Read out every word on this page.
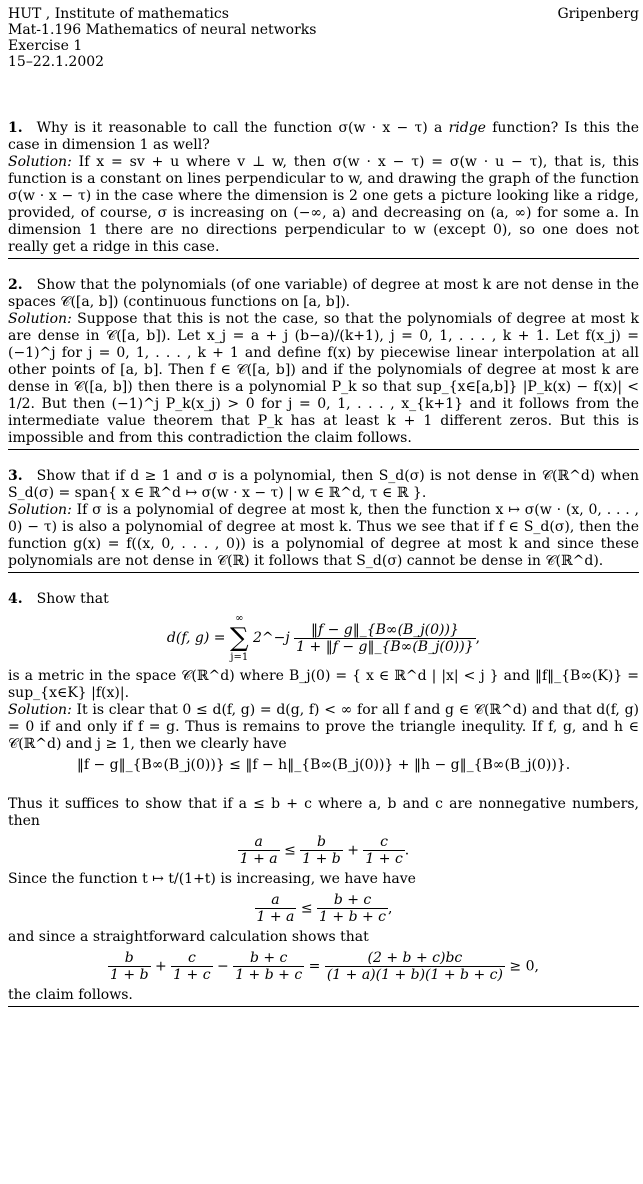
HUT , Institute of mathematics	Gripenberg
Mat-1.196 Mathematics of neural networks
Exercise 1
15–22.1.2002

1. Why is it reasonable to call the function σ(w · x − τ) a ridge function? Is this the case in dimension 1 as well?

Solution: If x = sv + u where v ⊥ w, then σ(w · x − τ) = σ(w · u − τ), that is, this function is a constant on lines perpendicular to w, and drawing the graph of the function σ(w · x − τ) in the case where the dimension is 2 one gets a picture looking like a ridge, provided, of course, σ is increasing on (−∞, a) and decreasing on (a, ∞) for some a. In dimension 1 there are no directions perpendicular to w (except 0), so one does not really get a ridge in this case.

2. Show that the polynomials (of one variable) of degree at most k are not dense in the spaces 𝒞([a, b]) (continuous functions on [a, b]).

Solution: Suppose that this is not the case, so that the polynomials of degree at most k are dense in 𝒞([a, b]). Let x_j = a + j (b−a)/(k+1), j = 0, 1, . . . , k + 1. Let f(x_j) = (−1)^j for j = 0, 1, . . . , k + 1 and define f(x) by piecewise linear interpolation at all other points of [a, b]. Then f ∈ 𝒞([a, b]) and if the polynomials of degree at most k are dense in 𝒞([a, b]) then there is a polynomial P_k so that sup_{x∈[a,b]} |P_k(x) − f(x)| < 1/2. But then (−1)^j P_k(x_j) > 0 for j = 0, 1, . . . , x_{k+1} and it follows from the intermediate value theorem that P_k has at least k + 1 different zeros. But this is impossible and from this contradiction the claim follows.

3. Show that if d ≥ 1 and σ is a polynomial, then S_d(σ) is not dense in 𝒞(ℝ^d) when S_d(σ) = span{ x ∈ ℝ^d ↦ σ(w · x − τ) | w ∈ ℝ^d, τ ∈ ℝ }.

Solution: If σ is a polynomial of degree at most k, then the function x ↦ σ(w · (x, 0, . . . , 0) − τ) is also a polynomial of degree at most k. Thus we see that if f ∈ S_d(σ), then the function g(x) = f((x, 0, . . . , 0)) is a polynomial of degree at most k and since these polynomials are not dense in 𝒞(ℝ) it follows that S_d(σ) cannot be dense in 𝒞(ℝ^d).

4. Show that

d(f, g) = ∞
∑
j=1 2^−j $\frac{‖f - g‖\_\{B\infty(B\_j(0))\}}{1 + ‖f - g‖\_\{B\infty(B\_j(0))\}}$ ,

is a metric in the space 𝒞(ℝ^d) where B_j(0) = { x ∈ ℝ^d | |x| < j } and ‖f‖_{B∞(K)} = sup_{x∈K} |f(x)|.

Solution: It is clear that 0 ≤ d(f, g) = d(g, f) < ∞ for all f and g ∈ 𝒞(ℝ^d) and that d(f, g) = 0 if and only if f = g. Thus is remains to prove the triangle inequlity. If f, g, and h ∈ 𝒞(ℝ^d) and j ≥ 1, then we clearly have

‖f − g‖_{B∞(B_j(0))} ≤ ‖f − h‖_{B∞(B_j(0))} + ‖h − g‖_{B∞(B_j(0))}.

Thus it suffices to show that if a ≤ b + c where a, b and c are nonnegative numbers, then

$\frac{a}{1 + a} \le \frac{b}{1 + b} + \frac{c}{1 + c}$ .

Since the function t ↦ t/(1+t) is increasing, we have have

$\frac{a}{1 + a} \le \frac{b + c}{1 + b + c}$ ,

and since a straightforward calculation shows that

$\frac{b}{1 + b} + \frac{c}{1 + c} - \frac{b + c}{1 + b + c} = \frac{(2 + b + c)bc}{(1 + a)(1 + b)(1 + b + c)} \ge 0$,

the claim follows.
